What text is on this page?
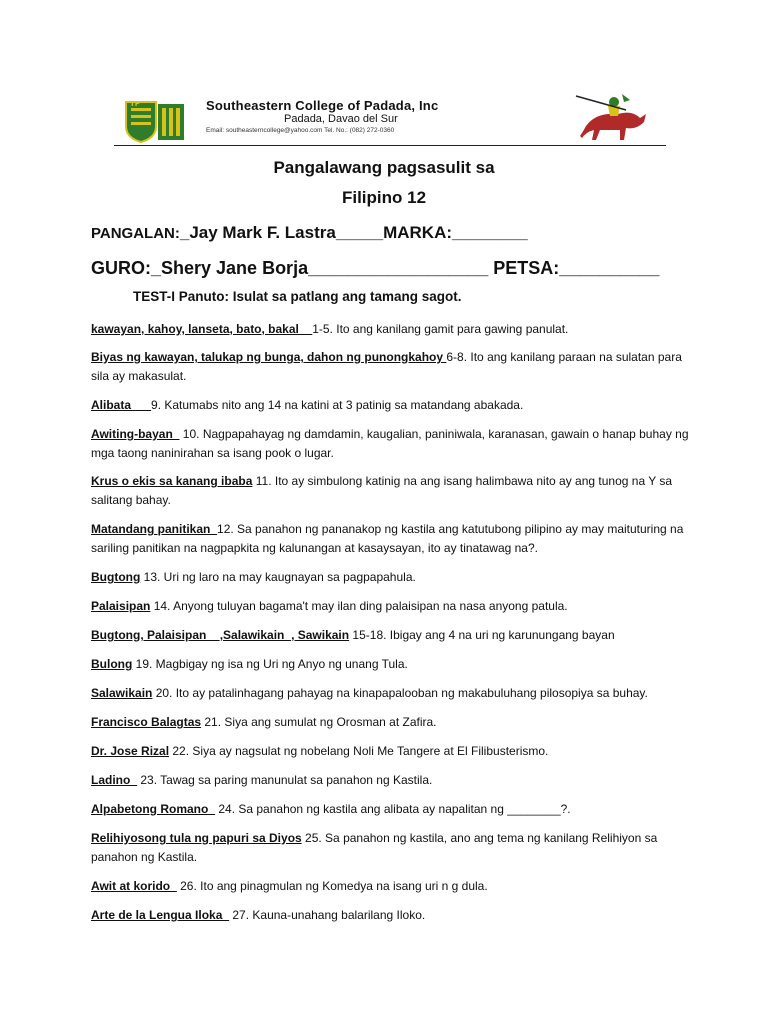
TP	Southeastern College of Padada, Inc
Padada, Davao del Sur
Email: southeasterncollege@yahoo.com Tel. No.: (082) 272-0360
Pangalawang pagsasulit sa
Filipino 12
PANGALAN:_Jay Mark F. Lastra_____MARKA:________
GURO:_Shery Jane Borja__________________ PETSA:__________
TEST-I Panuto: Isulat sa patlang ang tamang sagot.

kawayan, kahoy, lanseta, bato, bakal__1-5. Ito ang kanilang gamit para gawing panulat.

Biyas ng kawayan, talukap ng bunga, dahon ng punongkahoy 6-8. Ito ang kanilang paraan na sulatan para sila ay makasulat.

Alibata___9. Katumabs nito ang 14 na katini at 3 patinig sa matandang abakada.

Awiting-bayan_ 10. Nagpapahayag ng damdamin, kaugalian, paniniwala, karanasan, gawain o hanap buhay ng mga taong naninirahan sa isang pook o lugar.

Krus o ekis sa kanang ibaba 11. Ito ay simbulong katinig na ang isang halimbawa nito ay ang tunog na Y sa salitang bahay.

Matandang panitikan_12. Sa panahon ng pananakop ng kastila ang katutubong pilipino ay may maituturing na sariling panitikan na nagpapkita ng kalunangan at kasaysayan, ito ay tinatawag na?.

Bugtong 13. Uri ng laro na may kaugnayan sa pagpapahula.

Palaisipan 14. Anyong tuluyan bagama't may ilan ding palaisipan na nasa anyong patula.

Bugtong, Palaisipan__,Salawikain_, Sawikain 15-18. Ibigay ang 4 na uri ng karunungang bayan

Bulong 19. Magbigay ng isa ng Uri ng Anyo ng unang Tula.

Salawikain 20. Ito ay patalinhagang pahayag na kinapapalooban ng makabuluhang pilosopiya sa buhay.

Francisco Balagtas 21. Siya ang sumulat ng Orosman at Zafira.

Dr. Jose Rizal 22. Siya ay nagsulat ng nobelang Noli Me Tangere at El Filibusterismo.

Ladino_ 23. Tawag sa paring manunulat sa panahon ng Kastila.

Alpabetong Romano_ 24. Sa panahon ng kastila ang alibata ay napalitan ng ________?.

Relihiyosong tula ng papuri sa Diyos 25. Sa panahon ng kastila, ano ang tema ng kanilang Relihiyon sa panahon ng Kastila.

Awit at korido_ 26. Ito ang pinagmulan ng Komedya na isang uri n g dula.

Arte de la Lengua Iloka_ 27. Kauna-unahang balarilang Iloko.
